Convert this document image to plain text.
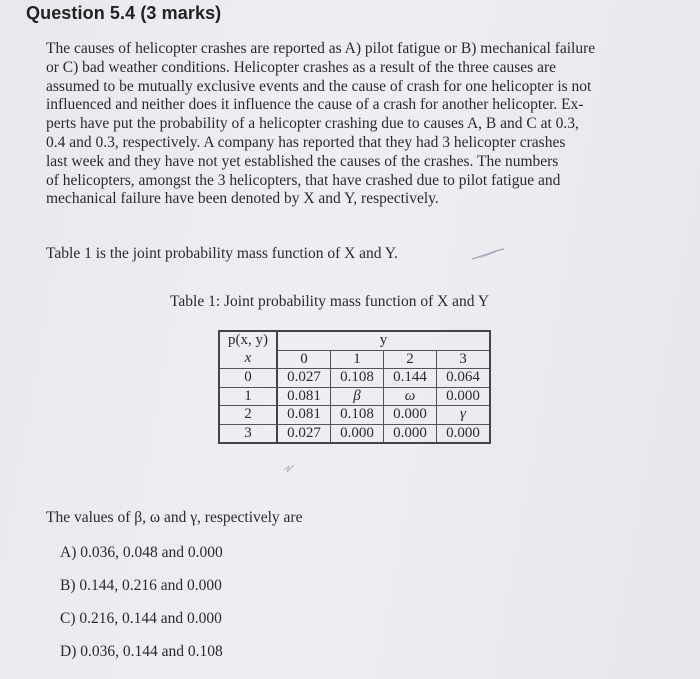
Question 5.4 (3 marks)
The causes of helicopter crashes are reported as A) pilot fatigue or B) mechanical failure
or C) bad weather conditions. Helicopter crashes as a result of the three causes are
assumed to be mutually exclusive events and the cause of crash for one helicopter is not
influenced and neither does it influence the cause of a crash for another helicopter. Ex-
perts have put the probability of a helicopter crashing due to causes A, B and C at 0.3,
0.4 and 0.3, respectively. A company has reported that they had 3 helicopter crashes
last week and they have not yet established the causes of the crashes. The numbers
of helicopters, amongst the 3 helicopters, that have crashed due to pilot fatigue and
mechanical failure have been denoted by X and Y, respectively.
Table 1 is the joint probability mass function of X and Y.
Table 1: Joint probability mass function of X and Y
p(x, y)	y			
x	0	1	2	3
0	0.027	0.108	0.144	0.064
1	0.081	β	ω	0.000
2	0.081	0.108	0.000	γ
3	0.027	0.000	0.000	0.000
The values of β, ω and γ, respectively are
A) 0.036, 0.048 and 0.000
B) 0.144, 0.216 and 0.000
C) 0.216, 0.144 and 0.000
D) 0.036, 0.144 and 0.108
